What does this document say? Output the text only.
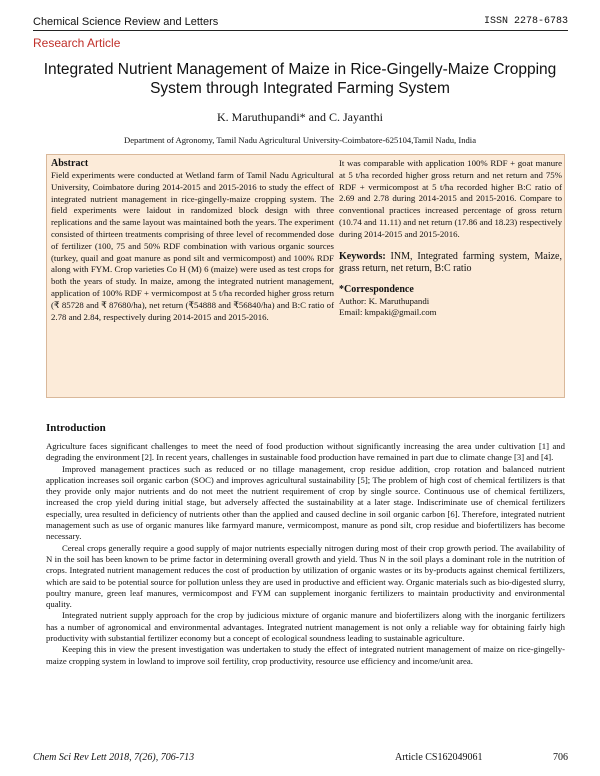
Chemical Science Review and Letters	ISSN 2278-6783
Research Article
Integrated Nutrient Management of Maize in Rice-Gingelly-Maize Cropping System through Integrated Farming System
K. Maruthupandi* and C. Jayanthi
Department of Agronomy, Tamil Nadu Agricultural University-Coimbatore-625104,Tamil Nadu, India
Abstract
Field experiments were conducted at Wetland farm of Tamil Nadu Agricultural University, Coimbatore during 2014-2015 and 2015-2016 to study the effect of integrated nutrient management in rice-gingelly-maize cropping system. The field experiments were laidout in randomized block design with three replications and the same layout was maintained both the years. The experiment consisted of thirteen treatments comprising of three level of recommended dose of fertilizer (100, 75 and 50% RDF combination with various organic sources (turkey, quail and goat manure as pond silt and vermicompost) and 100% RDF along with FYM. Crop varieties Co H (M) 6 (maize) were used as test crops for both the years of study. In maize, among the integrated nutrient management, application of 100% RDF + vermicompost at 5 t/ha recorded higher gross return (₹ 85728 and ₹ 87680/ha), net return (₹54888 and ₹56840/ha) and B:C ratio of 2.78 and 2.84, respectively during 2014-2015 and 2015-2016.
It was comparable with application 100% RDF + goat manure at 5 t/ha recorded higher gross return and net return and 75% RDF + vermicompost at 5 t/ha recorded higher B:C ratio of 2.69 and 2.78 during 2014-2015 and 2015-2016. Compare to conventional practices increased percentage of gross return (10.74 and 11.11) and net return (17.86 and 18.23) respectively during 2014-2015 and 2015-2016.
Keywords: INM, Integrated farming system, Maize, grass return, net return, B:C ratio
*Correspondence
Author: K. Maruthupandi
Email: kmpaki@gmail.com
Introduction

Agriculture faces significant challenges to meet the need of food production without significantly increasing the area under cultivation [1] and degrading the environment [2]. In recent years, challenges in sustainable food production have remained in part due to climate change [3] and [4].

Improved management practices such as reduced or no tillage management, crop residue addition, crop rotation and balanced nutrient application increases soil organic carbon (SOC) and improves agricultural sustainability [5]; The problem of high cost of chemical fertilizers is that they provide only major nutrients and do not meet the nutrient requirement of crop by single source. Continuous use of chemical fertilizers, increased the crop yield during initial stage, but adversely affected the sustainability at a later stage. Indiscriminate use of chemical fertilizers especially, urea resulted in deficiency of nutrients other than the applied and caused decline in soil organic carbon [6]. Therefore, integrated nutrient management such as use of organic manures like farmyard manure, vermicompost, manure as pond silt, crop residue and biofertilizers has become necessary.

Cereal crops generally require a good supply of major nutrients especially nitrogen during most of their crop growth period. The availability of N in the soil has been known to be prime factor in determining overall growth and yield. Thus N in the soil plays a dominant role in the nutrition of crops. Integrated nutrient management reduces the cost of production by utilization of organic wastes or its by-products against chemical fertilizers, which are said to be potential source for pollution unless they are used in productive and efficient way. Organic materials such as bio-digested slurry, poultry manure, green leaf manures, vermicompost and FYM can supplement inorganic fertilizers to maintain productivity and environmental quality.

Integrated nutrient supply approach for the crop by judicious mixture of organic manure and biofertilizers along with the inorganic fertilizers has a number of agronomical and environmental advantages. Integrated nutrient management is not only a reliable way for obtaining fairly high productivity with substantial fertilizer economy but a concept of ecological soundness leading to sustainable agriculture.

Keeping this in view the present investigation was undertaken to study the effect of integrated nutrient management of maize on rice-gingelly-maize cropping system in lowland to improve soil fertility, crop productivity, resource use efficiency and income/unit area.

Chem Sci Rev Lett 2018, 7(26), 706-713	Article CS162049061	706
